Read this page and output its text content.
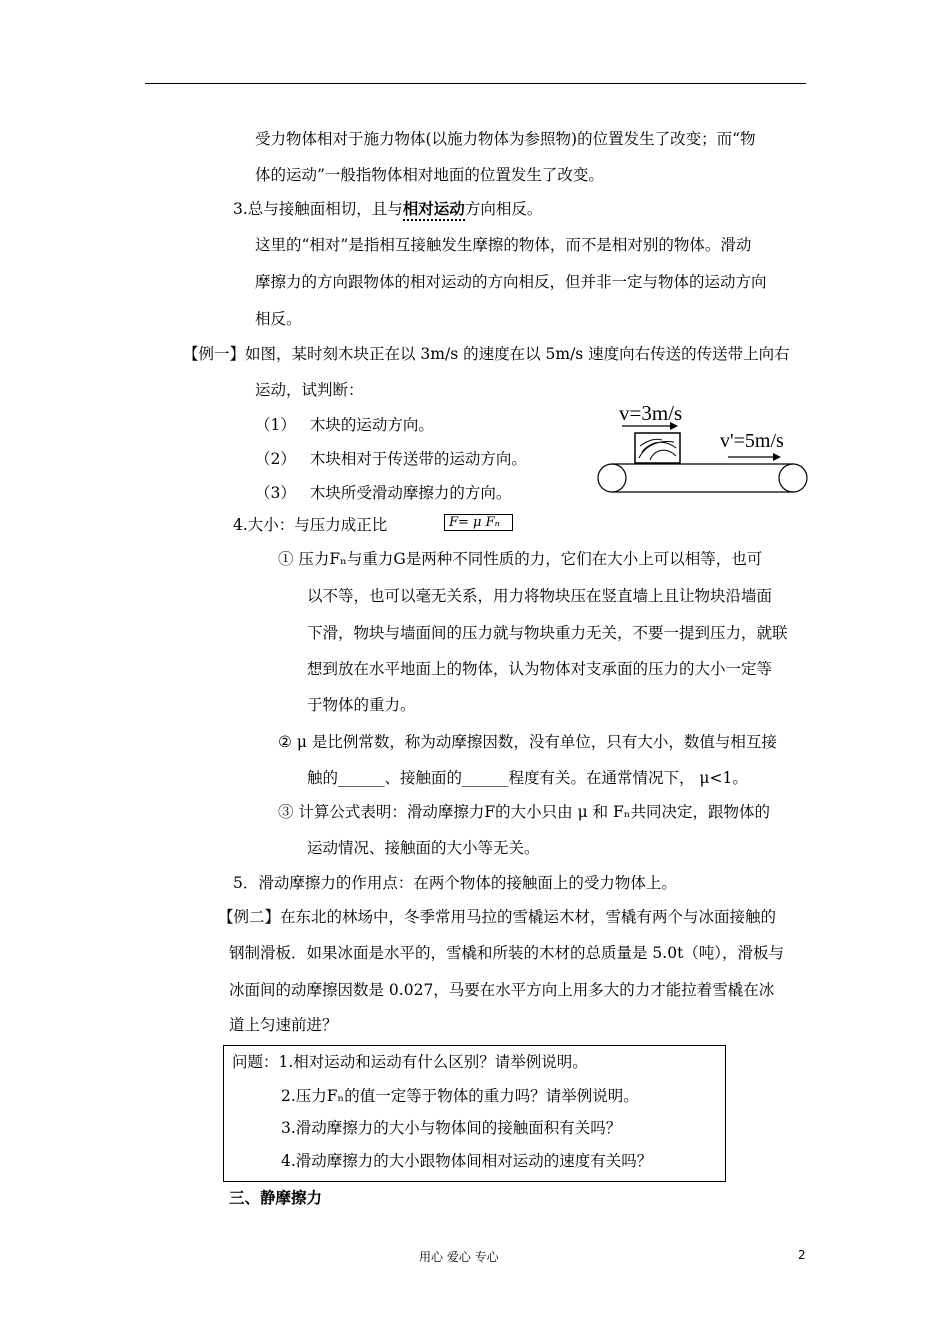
受力物体相对于施力物体(以施力物体为参照物)的位置发生了改变；而“物
体的运动”一般指物体相对地面的位置发生了改变。
3.总与接触面相切，且与相对运动方向相反。
这里的“相对”是指相互接触发生摩擦的物体，而不是相对别的物体。滑动
摩擦力的方向跟物体的相对运动的方向相反，但并非一定与物体的运动方向
相反。
【例一】如图，某时刻木块正在以 3m/s 的速度在以 5m/s 速度向右传送的传送带上向右
运动，试判断：
（1） 木块的运动方向。
（2） 木块相对于传送带的运动方向。
（3） 木块所受滑动摩擦力的方向。
v=3m/s
v'=5m/s
4.大小：与压力成正比	F= μ Fₙ
① 压力Fₙ与重力G是两种不同性质的力，它们在大小上可以相等，也可
以不等，也可以毫无关系，用力将物块压在竖直墙上且让物块沿墙面
下滑，物块与墙面间的压力就与物块重力无关，不要一提到压力，就联
想到放在水平地面上的物体，认为物体对支承面的压力的大小一定等
于物体的重力。
② μ 是比例常数，称为动摩擦因数，没有单位，只有大小，数值与相互接
触的______、接触面的______程度有关。在通常情况下， μ<1。
③ 计算公式表明：滑动摩擦力F的大小只由 μ 和 Fₙ共同决定，跟物体的
运动情况、接触面的大小等无关。
5．滑动摩擦力的作用点：在两个物体的接触面上的受力物体上。
【例二】在东北的林场中，冬季常用马拉的雪橇运木材，雪橇有两个与冰面接触的
钢制滑板．如果冰面是水平的，雪橇和所装的木材的总质量是 5.0t（吨），滑板与
冰面间的动摩擦因数是 0.027，马要在水平方向上用多大的力才能拉着雪橇在冰
道上匀速前进？
问题：1.相对运动和运动有什么区别？请举例说明。
2.压力Fₙ的值一定等于物体的重力吗？请举例说明。
3.滑动摩擦力的大小与物体间的接触面积有关吗？
4.滑动摩擦力的大小跟物体间相对运动的速度有关吗？
三、静摩擦力
用心 爱心 专心	2
